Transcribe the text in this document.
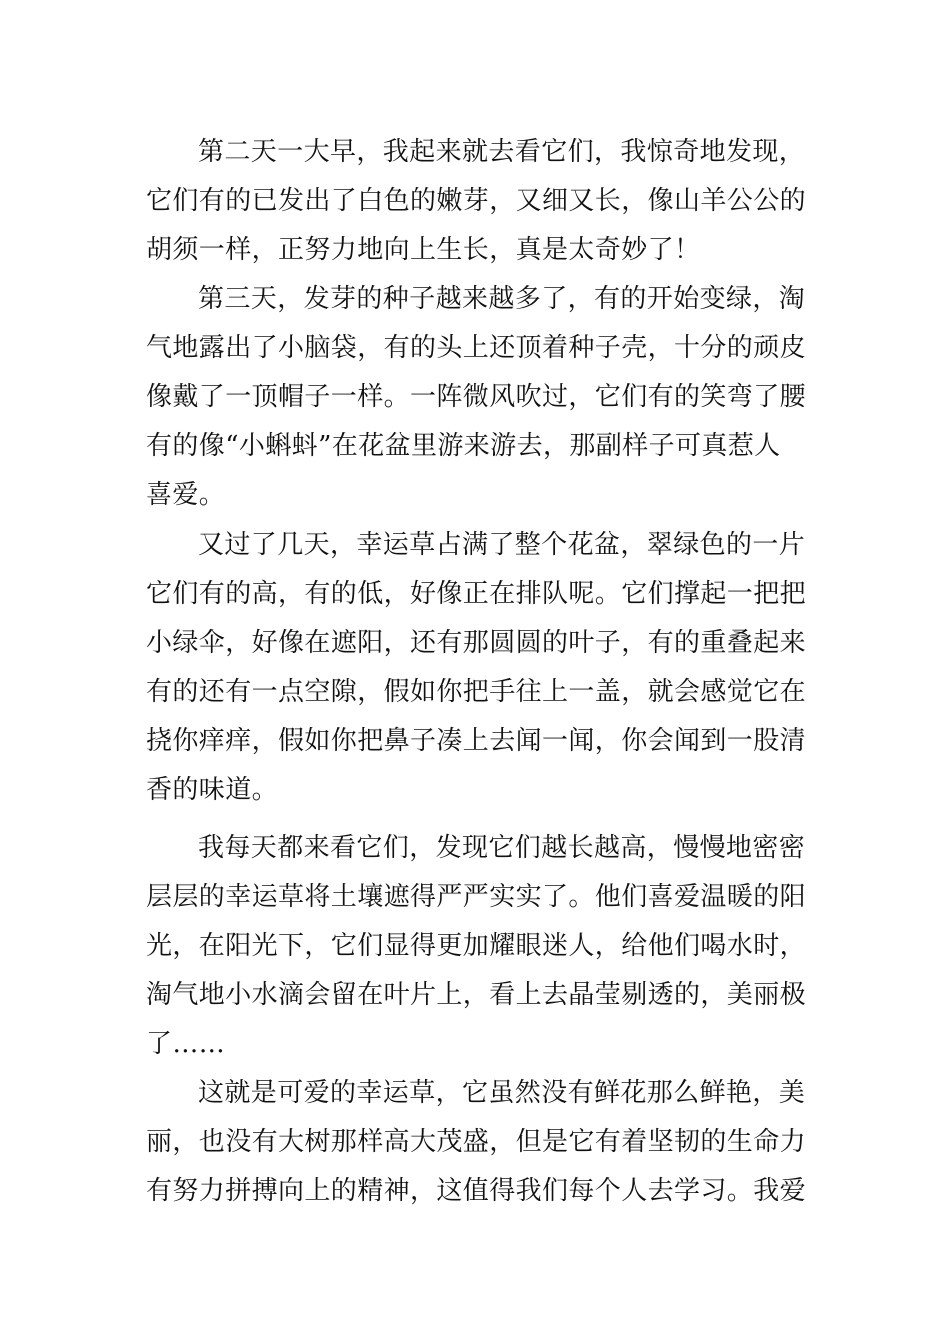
第二天一大早，我起来就去看它们，我惊奇地发现，
它们有的已发出了白色的嫩芽，又细又长，像山羊公公的
胡须一样，正努力地向上生长，真是太奇妙了！
第三天，发芽的种子越来越多了，有的开始变绿，淘
气地露出了小脑袋，有的头上还顶着种子壳，十分的顽皮
像戴了一顶帽子一样。一阵微风吹过，它们有的笑弯了腰
有的像“小蝌蚪”在花盆里游来游去，那副样子可真惹人
喜爱。
又过了几天，幸运草占满了整个花盆，翠绿色的一片
它们有的高，有的低，好像正在排队呢。它们撑起一把把
小绿伞，好像在遮阳，还有那圆圆的叶子，有的重叠起来
有的还有一点空隙，假如你把手往上一盖，就会感觉它在
挠你痒痒，假如你把鼻子凑上去闻一闻，你会闻到一股清
香的味道。
我每天都来看它们，发现它们越长越高，慢慢地密密
层层的幸运草将土壤遮得严严实实了。他们喜爱温暖的阳
光，在阳光下，它们显得更加耀眼迷人，给他们喝水时，
淘气地小水滴会留在叶片上，看上去晶莹剔透的，美丽极
了……
这就是可爱的幸运草，它虽然没有鲜花那么鲜艳，美
丽，也没有大树那样高大茂盛，但是它有着坚韧的生命力
有努力拼搏向上的精神，这值得我们每个人去学习。我爱
